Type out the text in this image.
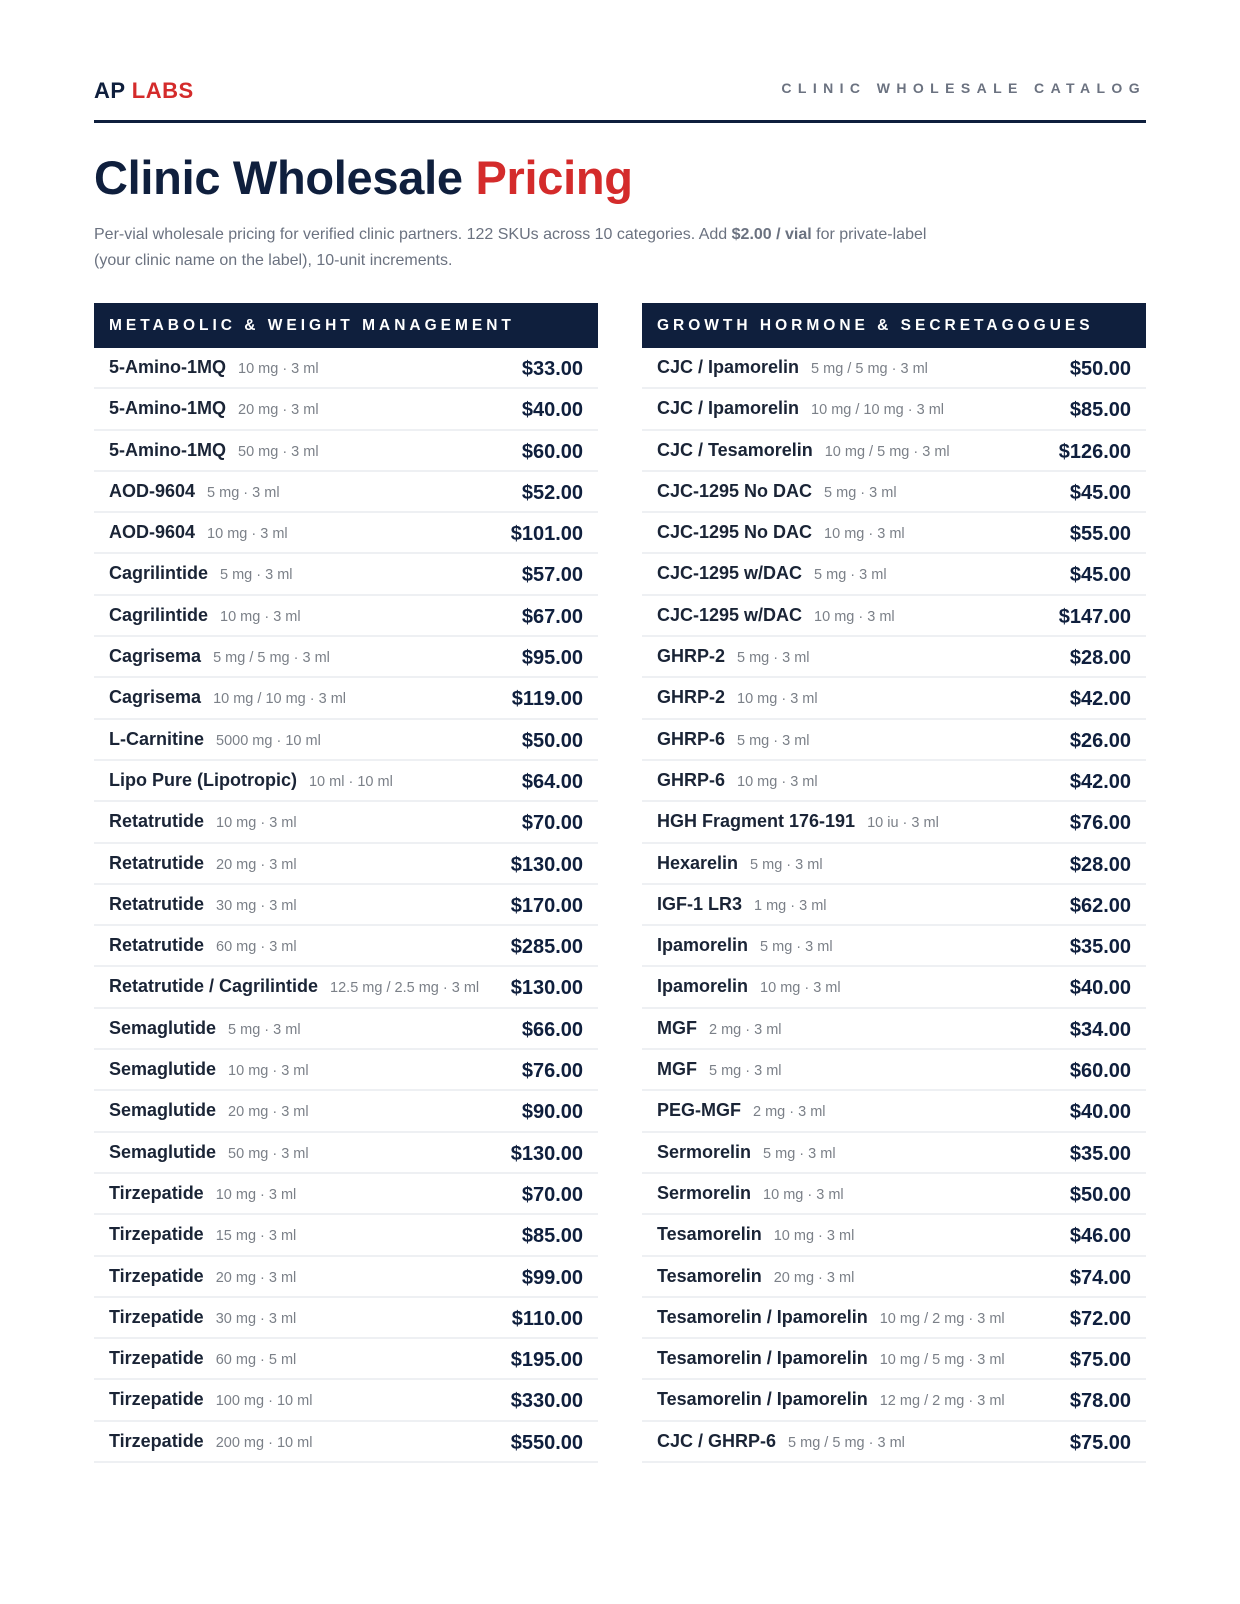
AP LABS	CLINIC WHOLESALE CATALOG
Clinic Wholesale Pricing

Per-vial wholesale pricing for verified clinic partners. 122 SKUs across 10 categories. Add $2.00 / vial for private-label (your clinic name on the label), 10-unit increments.

METABOLIC & WEIGHT MANAGEMENT
5-Amino-1MQ 10 mg · 3 ml	$33.00
5-Amino-1MQ 20 mg · 3 ml	$40.00
5-Amino-1MQ 50 mg · 3 ml	$60.00
AOD-9604 5 mg · 3 ml	$52.00
AOD-9604 10 mg · 3 ml	$101.00
Cagrilintide 5 mg · 3 ml	$57.00
Cagrilintide 10 mg · 3 ml	$67.00
Cagrisema 5 mg / 5 mg · 3 ml	$95.00
Cagrisema 10 mg / 10 mg · 3 ml	$119.00
L-Carnitine 5000 mg · 10 ml	$50.00
Lipo Pure (Lipotropic) 10 ml · 10 ml	$64.00
Retatrutide 10 mg · 3 ml	$70.00
Retatrutide 20 mg · 3 ml	$130.00
Retatrutide 30 mg · 3 ml	$170.00
Retatrutide 60 mg · 3 ml	$285.00
Retatrutide / Cagrilintide 12.5 mg / 2.5 mg · 3 ml $130.00
Semaglutide 5 mg · 3 ml	$66.00
Semaglutide 10 mg · 3 ml	$76.00
Semaglutide 20 mg · 3 ml	$90.00
Semaglutide 50 mg · 3 ml	$130.00
Tirzepatide 10 mg · 3 ml	$70.00
Tirzepatide 15 mg · 3 ml	$85.00
Tirzepatide 20 mg · 3 ml	$99.00
Tirzepatide 30 mg · 3 ml	$110.00
Tirzepatide 60 mg · 5 ml	$195.00
Tirzepatide 100 mg · 10 ml	$330.00
Tirzepatide 200 mg · 10 ml	$550.00
GROWTH HORMONE & SECRETAGOGUES
CJC / Ipamorelin 5 mg / 5 mg · 3 ml	$50.00
CJC / Ipamorelin 10 mg / 10 mg · 3 ml	$85.00
CJC / Tesamorelin 10 mg / 5 mg · 3 ml	$126.00
CJC-1295 No DAC 5 mg · 3 ml	$45.00
CJC-1295 No DAC 10 mg · 3 ml	$55.00
CJC-1295 w/DAC 5 mg · 3 ml	$45.00
CJC-1295 w/DAC 10 mg · 3 ml	$147.00
GHRP-2 5 mg · 3 ml	$28.00
GHRP-2 10 mg · 3 ml	$42.00
GHRP-6 5 mg · 3 ml	$26.00
GHRP-6 10 mg · 3 ml	$42.00
HGH Fragment 176-191 10 iu · 3 ml	$76.00
Hexarelin 5 mg · 3 ml	$28.00
IGF-1 LR3 1 mg · 3 ml	$62.00
Ipamorelin 5 mg · 3 ml	$35.00
Ipamorelin 10 mg · 3 ml	$40.00
MGF 2 mg · 3 ml	$34.00
MGF 5 mg · 3 ml	$60.00
PEG-MGF 2 mg · 3 ml	$40.00
Sermorelin 5 mg · 3 ml	$35.00
Sermorelin 10 mg · 3 ml	$50.00
Tesamorelin 10 mg · 3 ml	$46.00
Tesamorelin 20 mg · 3 ml	$74.00
Tesamorelin / Ipamorelin 10 mg / 2 mg · 3 ml	$72.00
Tesamorelin / Ipamorelin 10 mg / 5 mg · 3 ml	$75.00
Tesamorelin / Ipamorelin 12 mg / 2 mg · 3 ml	$78.00
CJC / GHRP-6 5 mg / 5 mg · 3 ml	$75.00
